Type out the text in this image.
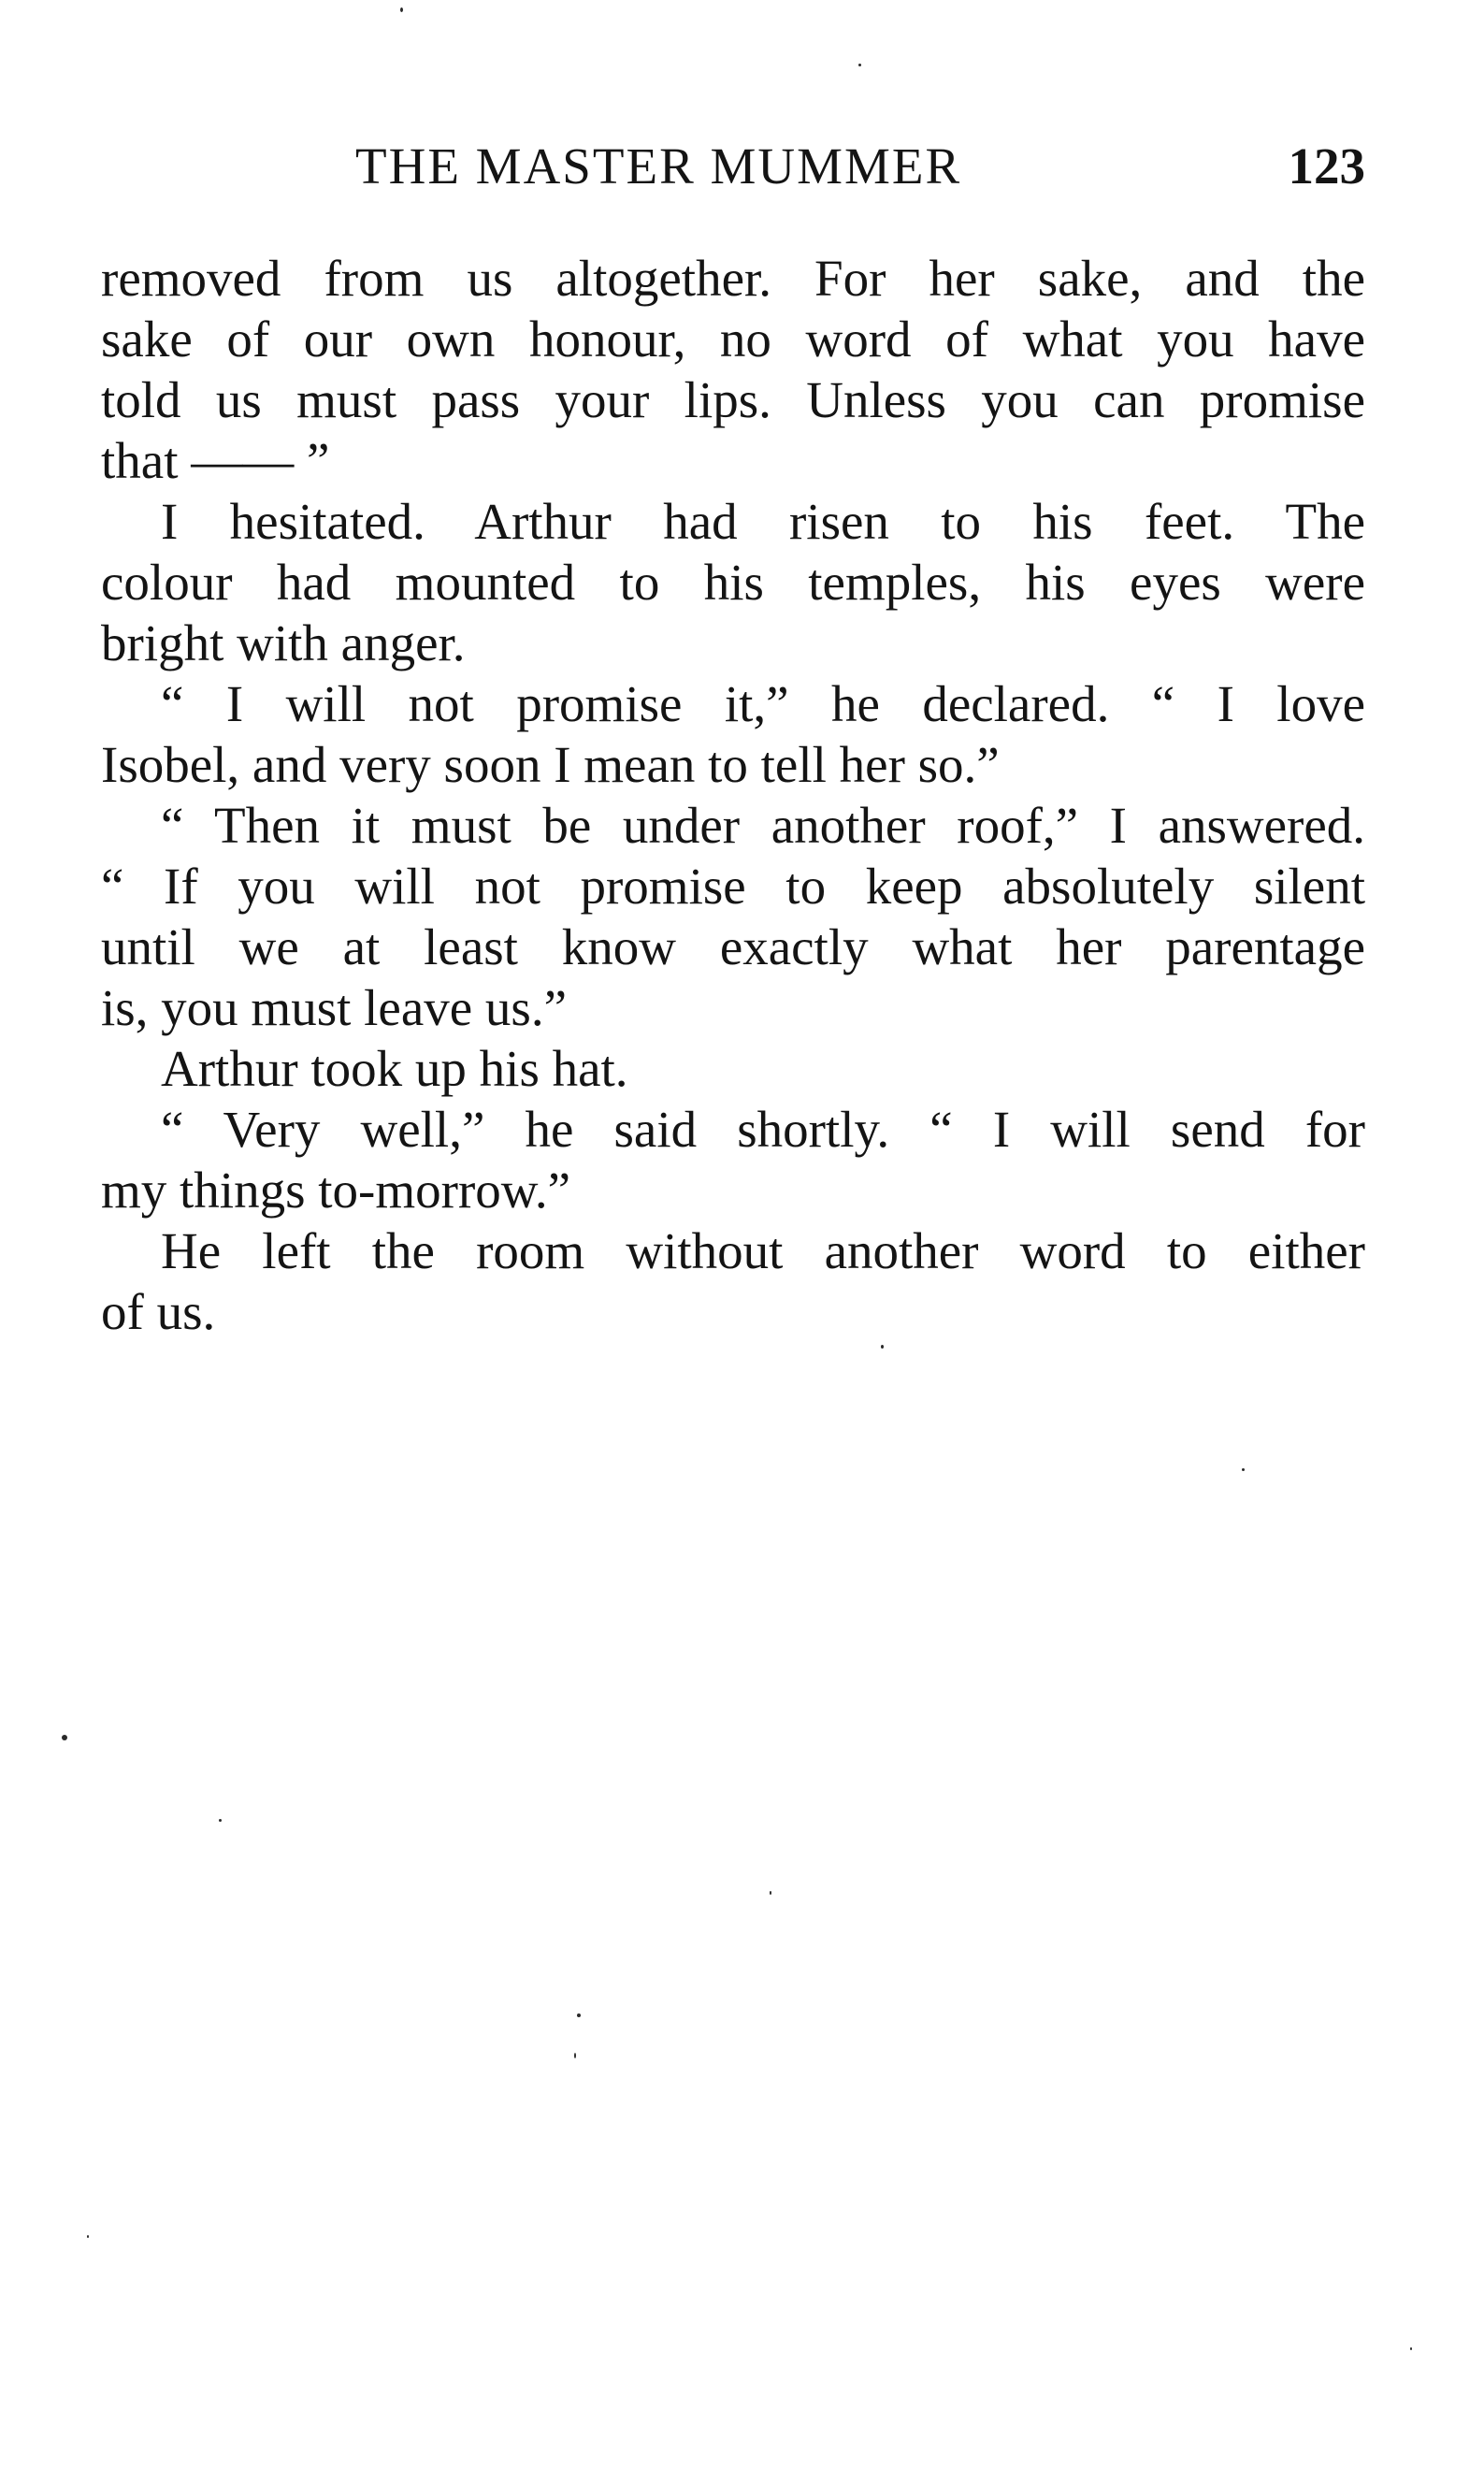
THE MASTER MUMMER	123
removed from us altogether. For her sake, and the
sake of our own honour, no word of what you have
told us must pass your lips. Unless you can promise
that —— ”
I hesitated. Arthur had risen to his feet. The
colour had mounted to his temples, his eyes were
bright with anger.
“ I will not promise it,” he declared. “ I love
Isobel, and very soon I mean to tell her so.”
“ Then it must be under another roof,” I answered.
“ If you will not promise to keep absolutely silent
until we at least know exactly what her parentage
is, you must leave us.”
Arthur took up his hat.
“ Very well,” he said shortly. “ I will send for
my things to-morrow.”
He left the room without another word to either
of us.
